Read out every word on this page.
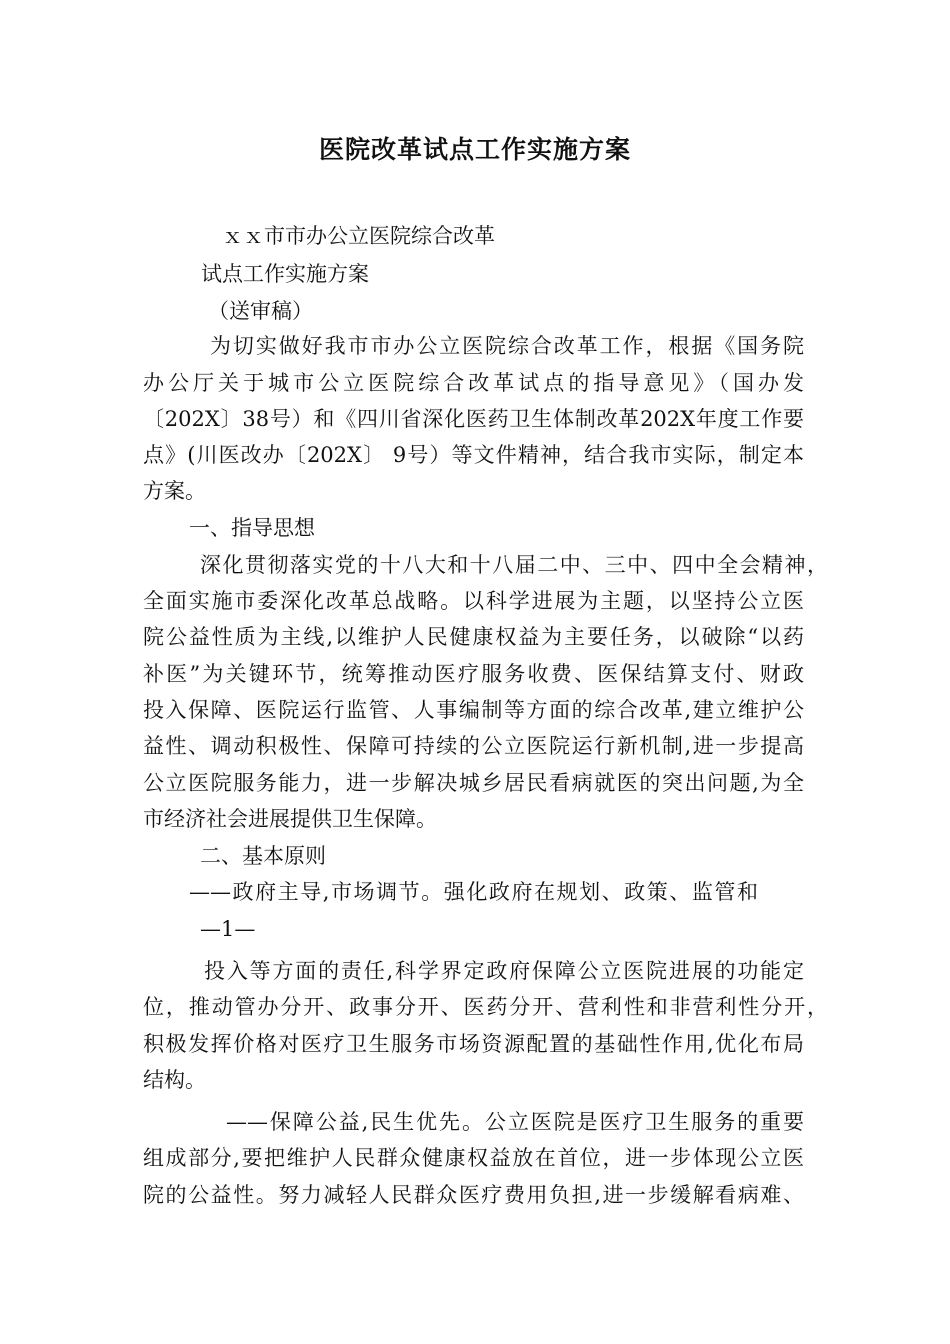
医院改革试点工作实施方案
ｘｘ市市办公立医院综合改革
试点工作实施方案
（送审稿）
为切实做好我市市办公立医院综合改革工作，根据《国务院
办公厅关于城市公立医院综合改革试点的指导意见》（国办发
〔202X〕38号）和《四川省深化医药卫生体制改革202X年度工作要
点》(川医改办〔202X〕 9号）等文件精神，结合我市实际，制定本
方案。
一、指导思想
深化贯彻落实党的十八大和十八届二中、三中、四中全会精神，
全面实施市委深化改革总战略。以科学进展为主题，以坚持公立医
院公益性质为主线,以维护人民健康权益为主要任务，以破除“以药
补医”为关键环节，统筹推动医疗服务收费、医保结算支付、财政
投入保障、医院运行监管、人事编制等方面的综合改革,建立维护公
益性、调动积极性、保障可持续的公立医院运行新机制,进一步提高
公立医院服务能力，进一步解决城乡居民看病就医的突出问题,为全
市经济社会进展提供卫生保障。
二、基本原则
——政府主导,市场调节。强化政府在规划、政策、监管和
—1—
投入等方面的责任,科学界定政府保障公立医院进展的功能定
位，推动管办分开、政事分开、医药分开、营利性和非营利性分开，
积极发挥价格对医疗卫生服务市场资源配置的基础性作用,优化布局
结构。
——保障公益,民生优先。公立医院是医疗卫生服务的重要
组成部分,要把维护人民群众健康权益放在首位，进一步体现公立医
院的公益性。努力减轻人民群众医疗费用负担,进一步缓解看病难、
